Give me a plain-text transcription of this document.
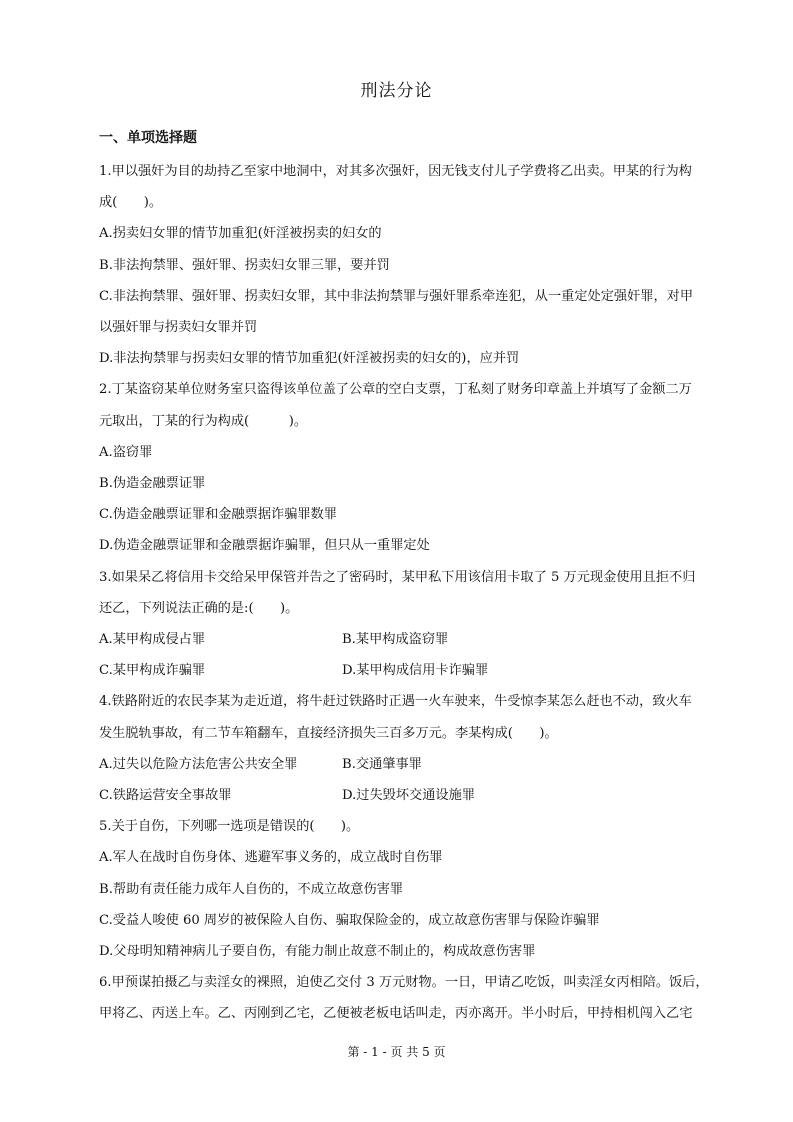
刑法分论
一、单项选择题

1.甲以强奸为目的劫持乙至家中地洞中，对其多次强奸，因无钱支付儿子学费将乙出卖。甲某的行为构

成(　　)。

A.拐卖妇女罪的情节加重犯(奸淫被拐卖的妇女的

B.非法拘禁罪、强奸罪、拐卖妇女罪三罪，要并罚

C.非法拘禁罪、强奸罪、拐卖妇女罪，其中非法拘禁罪与强奸罪系牵连犯，从一重定处定强奸罪，对甲

以强奸罪与拐卖妇女罪并罚

D.非法拘禁罪与拐卖妇女罪的情节加重犯(奸淫被拐卖的妇女的)，应并罚

2.丁某盗窃某单位财务室只盗得该单位盖了公章的空白支票，丁私刻了财务印章盖上并填写了金额二万

元取出，丁某的行为构成(　　　)。

A.盗窃罪

B.伪造金融票证罪

C.伪造金融票证罪和金融票据诈骗罪数罪

D.伪造金融票证罪和金融票据诈骗罪，但只从一重罪定处

3.如果呆乙将信用卡交给呆甲保管并告之了密码时，某甲私下用该信用卡取了 5 万元现金使用且拒不归

还乙，下列说法正确的是:(　　)。

A.某甲构成侵占罪	B.某甲构成盗窃罪
C.某甲构成诈骗罪	D.某甲构成信用卡诈骗罪

4.铁路附近的农民李某为走近道，将牛赶过铁路时正遇一火车驶来，牛受惊李某怎么赶也不动，致火车

发生脱轨事故，有二节车箱翻车，直接经济损失三百多万元。李某构成(　　)。

A.过失以危险方法危害公共安全罪	B.交通肇事罪
C.铁路运营安全事故罪	D.过失毁坏交通设施罪

5.关于自伤，下列哪一选项是错误的(　　)。

A.军人在战时自伤身体、逃避军事义务的，成立战时自伤罪

B.帮助有责任能力成年人自伤的，不成立故意伤害罪

C.受益人唆使 60 周岁的被保险人自伤、骗取保险金的，成立故意伤害罪与保险诈骗罪

D.父母明知精神病儿子要自伤，有能力制止故意不制止的，构成故意伤害罪

6.甲预谋拍摄乙与卖淫女的裸照，迫使乙交付 3 万元财物。一日，甲请乙吃饭，叫卖淫女丙相陪。饭后，

甲将乙、丙送上车。乙、丙刚到乙宅，乙便被老板电话叫走，丙亦离开。半小时后，甲持相机闯入乙宅

第 - 1 - 页 共 5 页
